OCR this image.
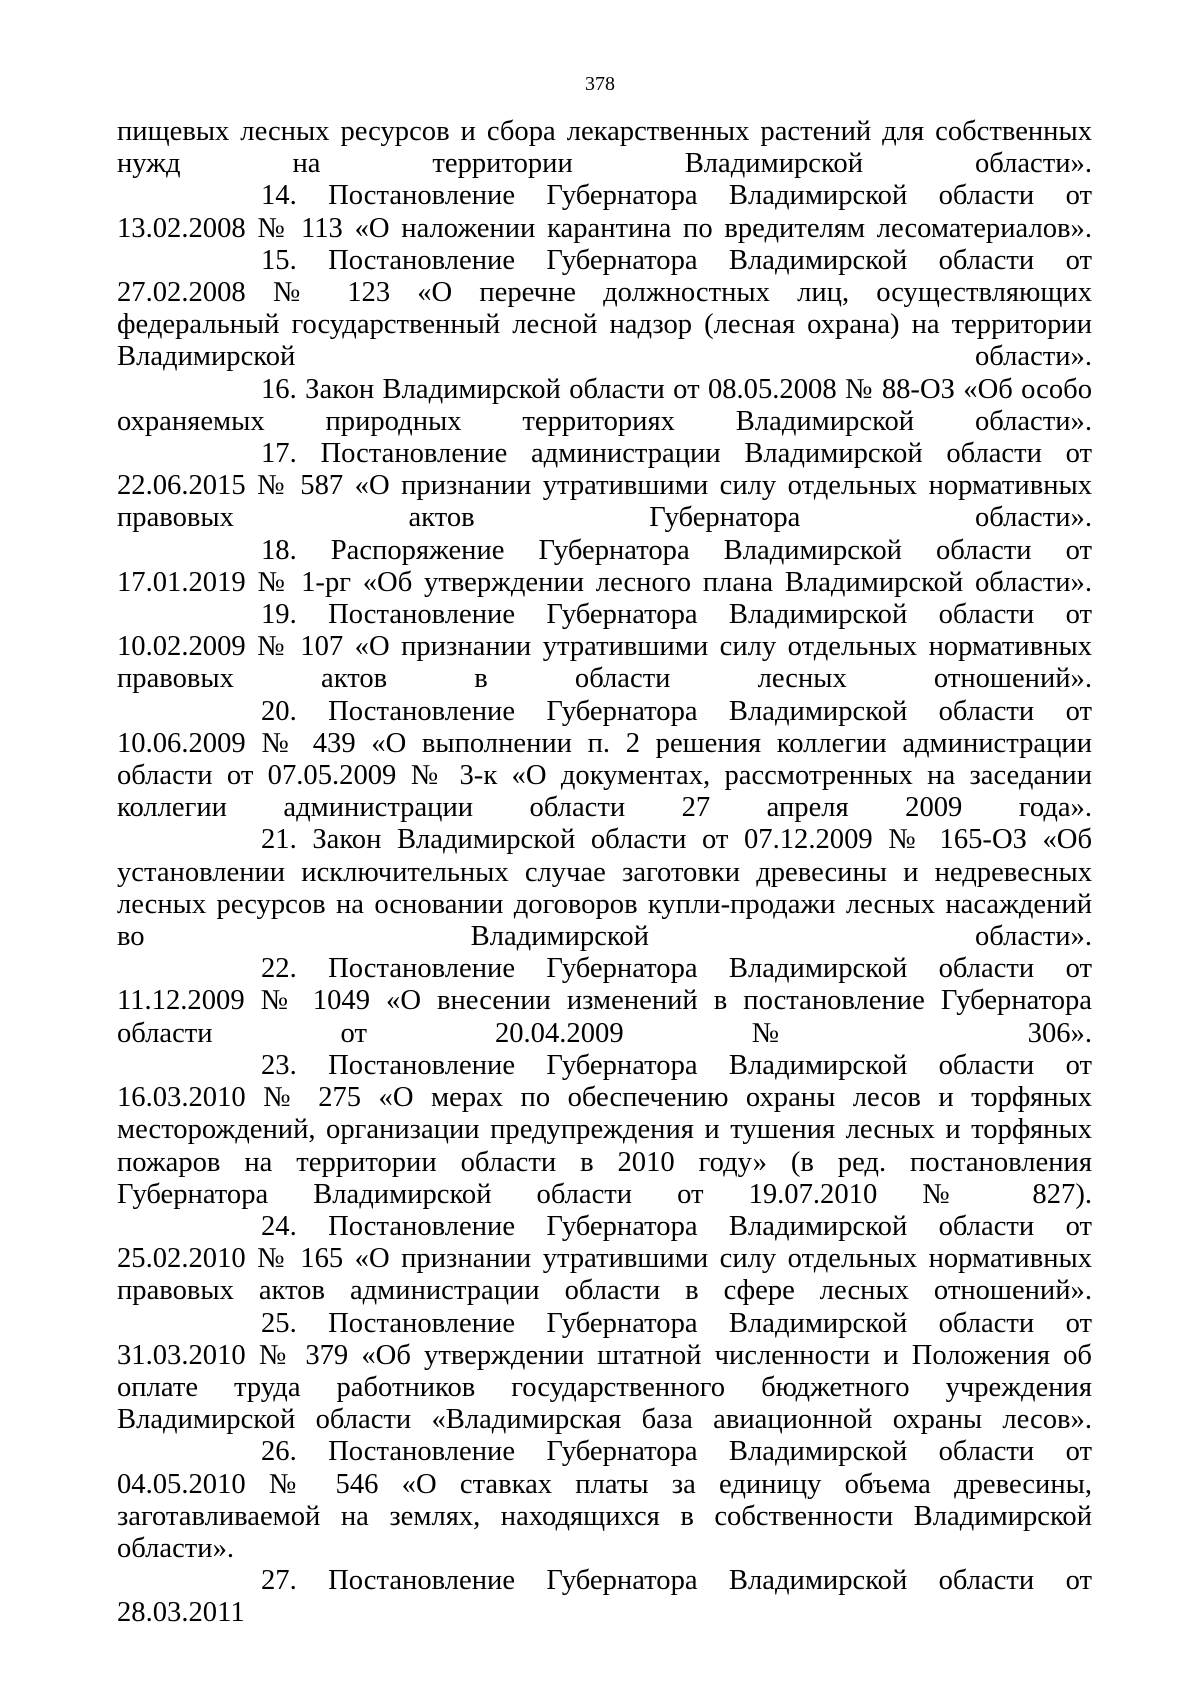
378

пищевых лесных ресурсов и сбора лекарственных растений для собственных нужд на территории Владимирской области».

14. Постановление Губернатора Владимирской области от 13.02.2008 № 113 «О наложении карантина по вредителям лесоматериалов».

15. Постановление Губернатора Владимирской области от 27.02.2008 № 123 «О перечне должностных лиц, осуществляющих федеральный государственный лесной надзор (лесная охрана) на территории Владимирской области».

16. Закон Владимирской области от 08.05.2008 № 88-ОЗ «Об особо охраняемых природных территориях Владимирской области».

17. Постановление администрации Владимирской области от 22.06.2015 № 587 «О признании утратившими силу отдельных нормативных правовых актов Губернатора области».

18. Распоряжение Губернатора Владимирской области от 17.01.2019 № 1-рг «Об утверждении лесного плана Владимирской области».

19. Постановление Губернатора Владимирской области от 10.02.2009 № 107 «О признании утратившими силу отдельных нормативных правовых актов в области лесных отношений».

20. Постановление Губернатора Владимирской области от 10.06.2009 № 439 «О выполнении п. 2 решения коллегии администрации области от 07.05.2009 № 3-к «О документах, рассмотренных на заседании коллегии администрации области 27 апреля 2009 года».

21. Закон Владимирской области от 07.12.2009 № 165-ОЗ «Об установлении исключительных случае заготовки древесины и недревесных лесных ресурсов на основании договоров купли-продажи лесных насаждений во Владимирской области».

22. Постановление Губернатора Владимирской области от 11.12.2009 № 1049 «О внесении изменений в постановление Губернатора области от 20.04.2009 № 306».

23. Постановление Губернатора Владимирской области от 16.03.2010 № 275 «О мерах по обеспечению охраны лесов и торфяных месторождений, организации предупреждения и тушения лесных и торфяных пожаров на территории области в 2010 году» (в ред. постановления Губернатора Владимирской области от 19.07.2010 № 827).

24. Постановление Губернатора Владимирской области от 25.02.2010 № 165 «О признании утратившими силу отдельных нормативных правовых актов администрации области в сфере лесных отношений».

25. Постановление Губернатора Владимирской области от 31.03.2010 № 379 «Об утверждении штатной численности и Положения об оплате труда работников государственного бюджетного учреждения Владимирской области «Владимирская база авиационной охраны лесов».

26. Постановление Губернатора Владимирской области от 04.05.2010 № 546 «О ставках платы за единицу объема древесины, заготавливаемой на землях, находящихся в собственности Владимирской области».

27. Постановление Губернатора Владимирской области от 28.03.2011
